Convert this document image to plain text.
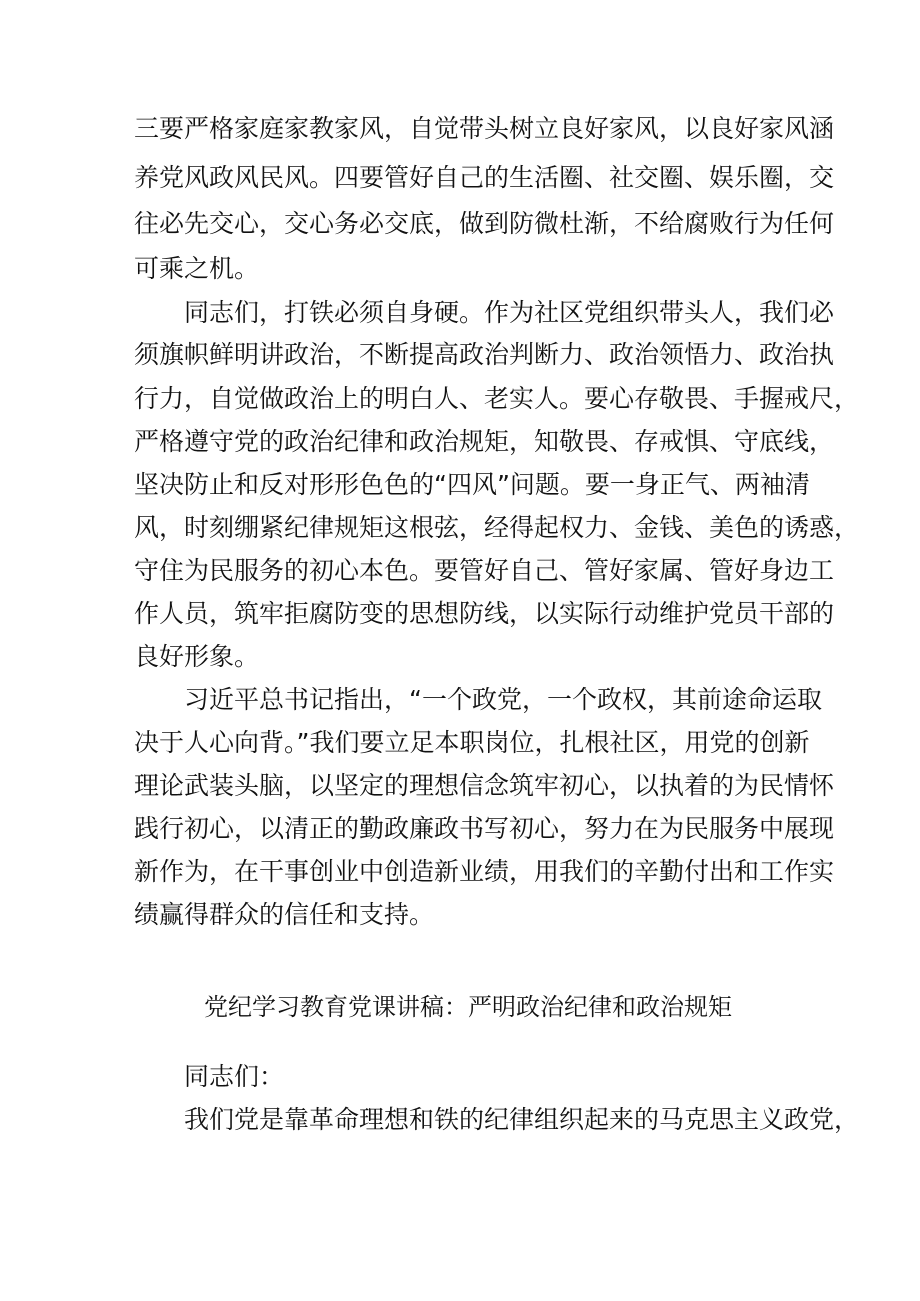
三要严格家庭家教家风，自觉带头树立良好家风，以良好家风涵
养党风政风民风。四要管好自己的生活圈、社交圈、娱乐圈，交
往必先交心，交心务必交底，做到防微杜渐，不给腐败行为任何
可乘之机。
同志们，打铁必须自身硬。作为社区党组织带头人，我们必
须旗帜鲜明讲政治，不断提高政治判断力、政治领悟力、政治执
行力，自觉做政治上的明白人、老实人。要心存敬畏、手握戒尺，
严格遵守党的政治纪律和政治规矩，知敬畏、存戒惧、守底线，
坚决防止和反对形形色色的“四风”问题。要一身正气、两袖清
风，时刻绷紧纪律规矩这根弦，经得起权力、金钱、美色的诱惑，
守住为民服务的初心本色。要管好自己、管好家属、管好身边工
作人员，筑牢拒腐防变的思想防线，以实际行动维护党员干部的
良好形象。
习近平总书记指出，“一个政党，一个政权，其前途命运取
决于人心向背。”我们要立足本职岗位，扎根社区，用党的创新
理论武装头脑，以坚定的理想信念筑牢初心，以执着的为民情怀
践行初心，以清正的勤政廉政书写初心，努力在为民服务中展现
新作为，在干事创业中创造新业绩，用我们的辛勤付出和工作实
绩赢得群众的信任和支持。
党纪学习教育党课讲稿：严明政治纪律和政治规矩
同志们：
我们党是靠革命理想和铁的纪律组织起来的马克思主义政党，
